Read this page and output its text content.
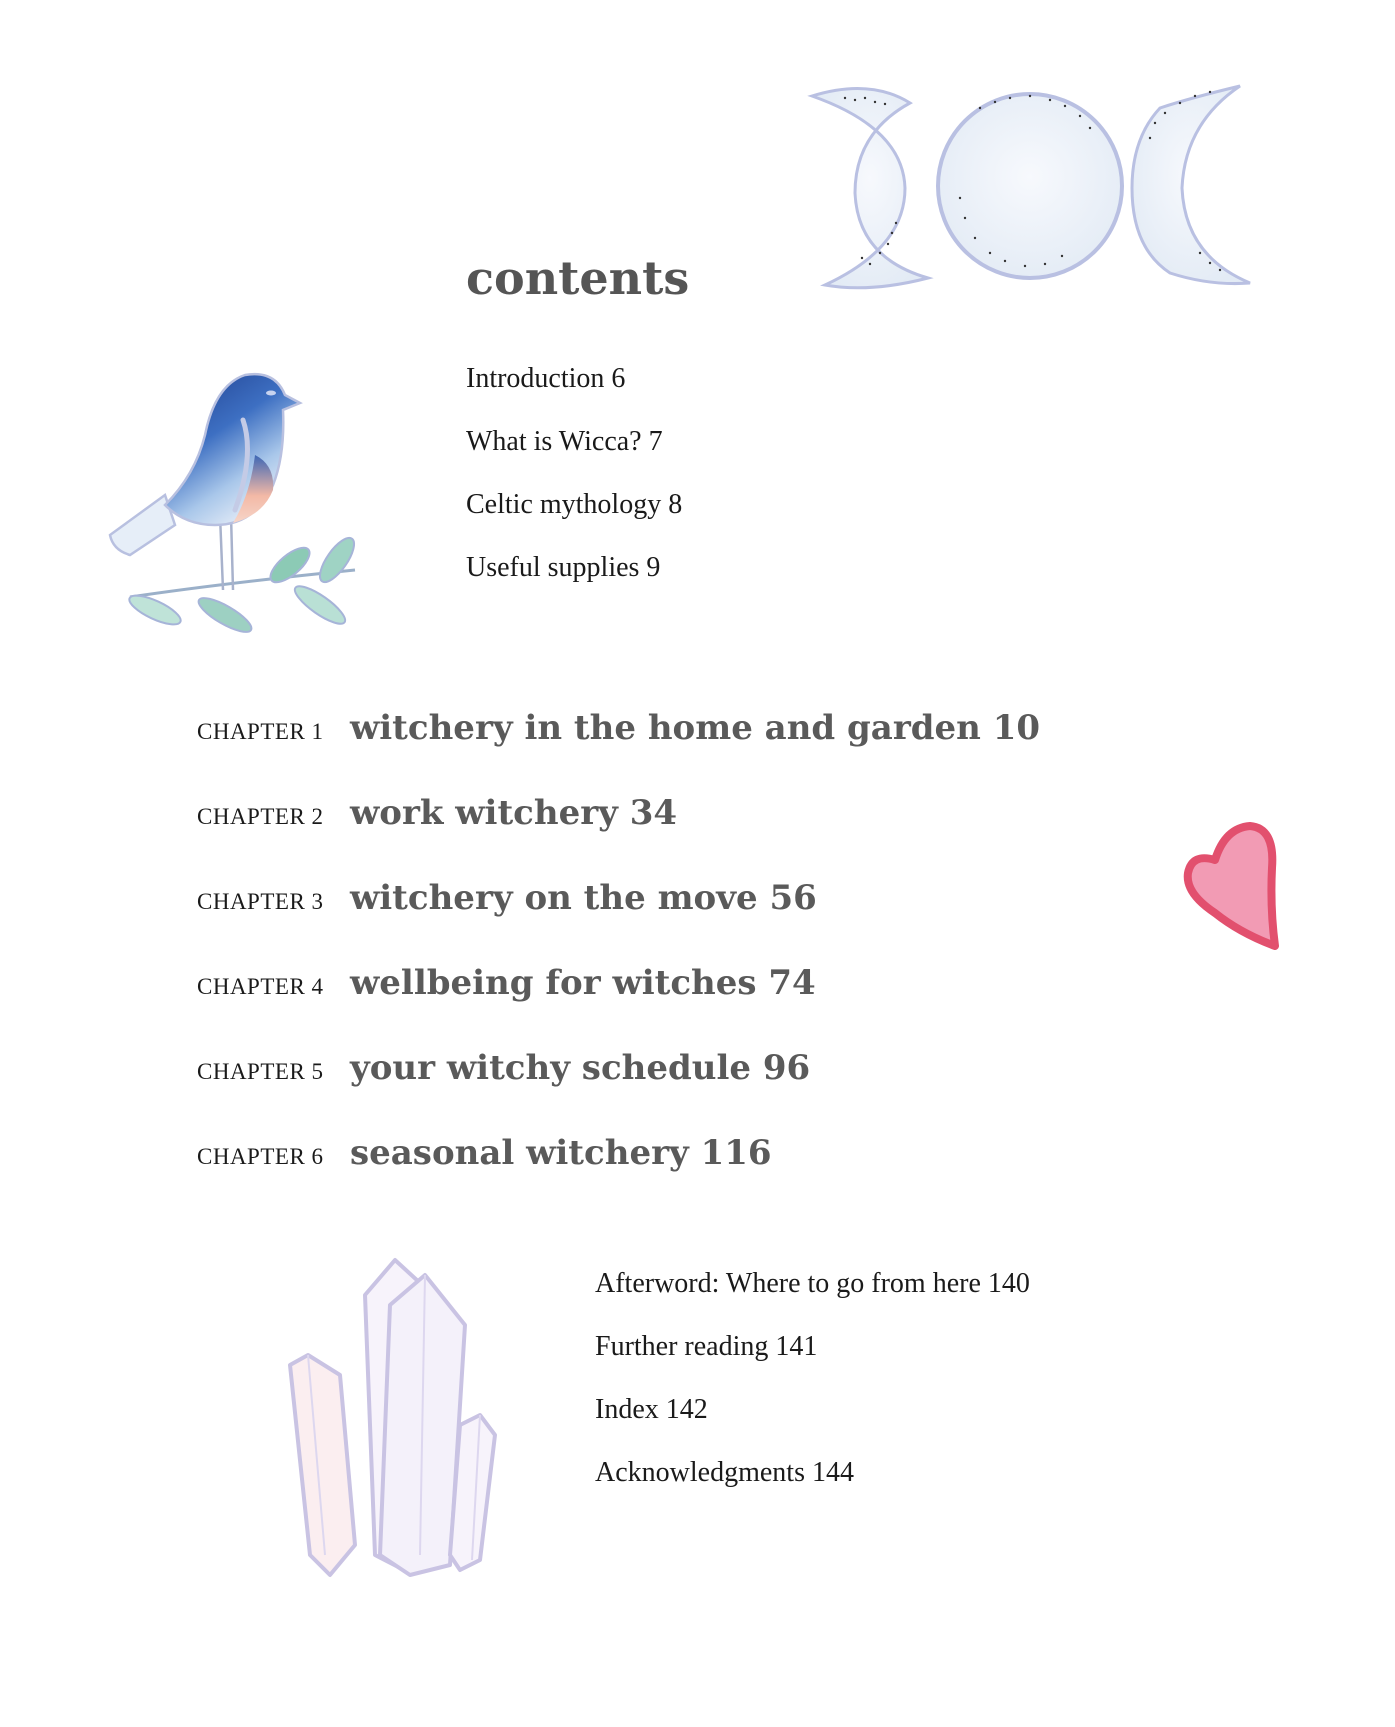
contents
Introduction 6
What is Wicca? 7
Celtic mythology 8
Useful supplies 9
CHAPTER 1 witchery in the home and garden 10
CHAPTER 2 work witchery 34
CHAPTER 3 witchery on the move 56
CHAPTER 4 wellbeing for witches 74
CHAPTER 5 your witchy schedule 96
CHAPTER 6 seasonal witchery 116
Afterword: Where to go from here 140
Further reading 141
Index 142
Acknowledgments 144
